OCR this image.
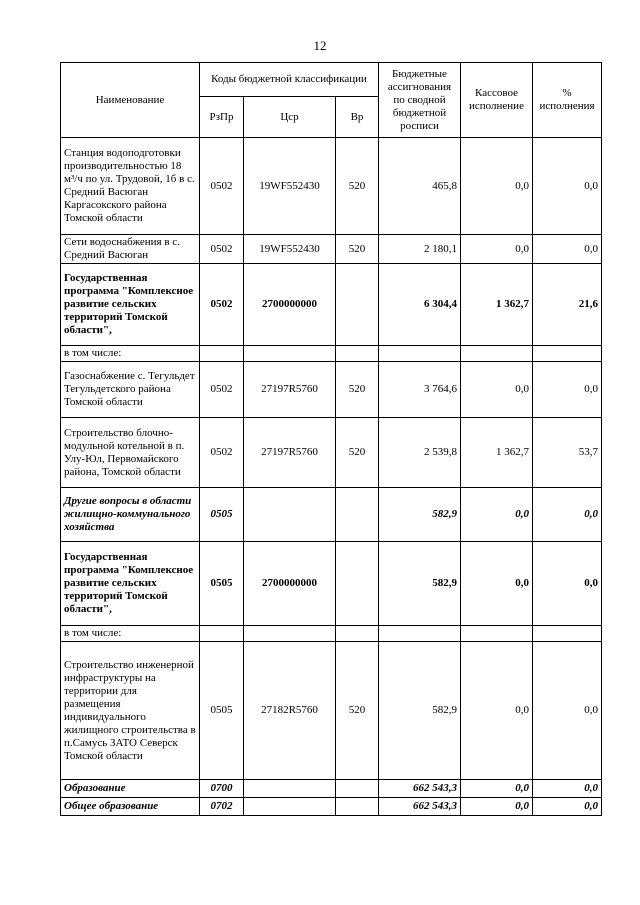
12
Наименование	Коды бюджетной классификации			Бюджетные ассигнования по сводной бюджетной росписи	Кассовое исполнение	% исполнения
	РзПр	Цср	Вр			
Станция водоподготовки производительностью 18 м³/ч по ул. Трудовой, 1б в с. Средний Васюган Каргасокского района Томской области	0502	19WF552430	520	465,8	0,0	0,0
Сети водоснабжения в с. Средний Васюган	0502	19WF552430	520	2 180,1	0,0	0,0
Государственная программа "Комплексное развитие сельских территорий Томской области",	0502	2700000000		6 304,4	1 362,7	21,6
в том числе:						
Газоснабжение с. Тегульдет Тегульдетского района Томской области	0502	27197R5760	520	3 764,6	0,0	0,0
Строительство блочно-модульной котельной в п. Улу-Юл, Первомайского района, Томской области	0502	27197R5760	520	2 539,8	1 362,7	53,7
Другие вопросы в области жилищно-коммунального хозяйства	0505			582,9	0,0	0,0
Государственная программа "Комплексное развитие сельских территорий Томской области",	0505	2700000000		582,9	0,0	0,0
в том числе:						
Строительство инженерной инфраструктуры на территории для размещения индивидуального жилищного строительства в п.Самусь ЗАТО Северск Томской области	0505	27182R5760	520	582,9	0,0	0,0
Образование	0700			662 543,3	0,0	0,0
Общее образование	0702			662 543,3	0,0	0,0
